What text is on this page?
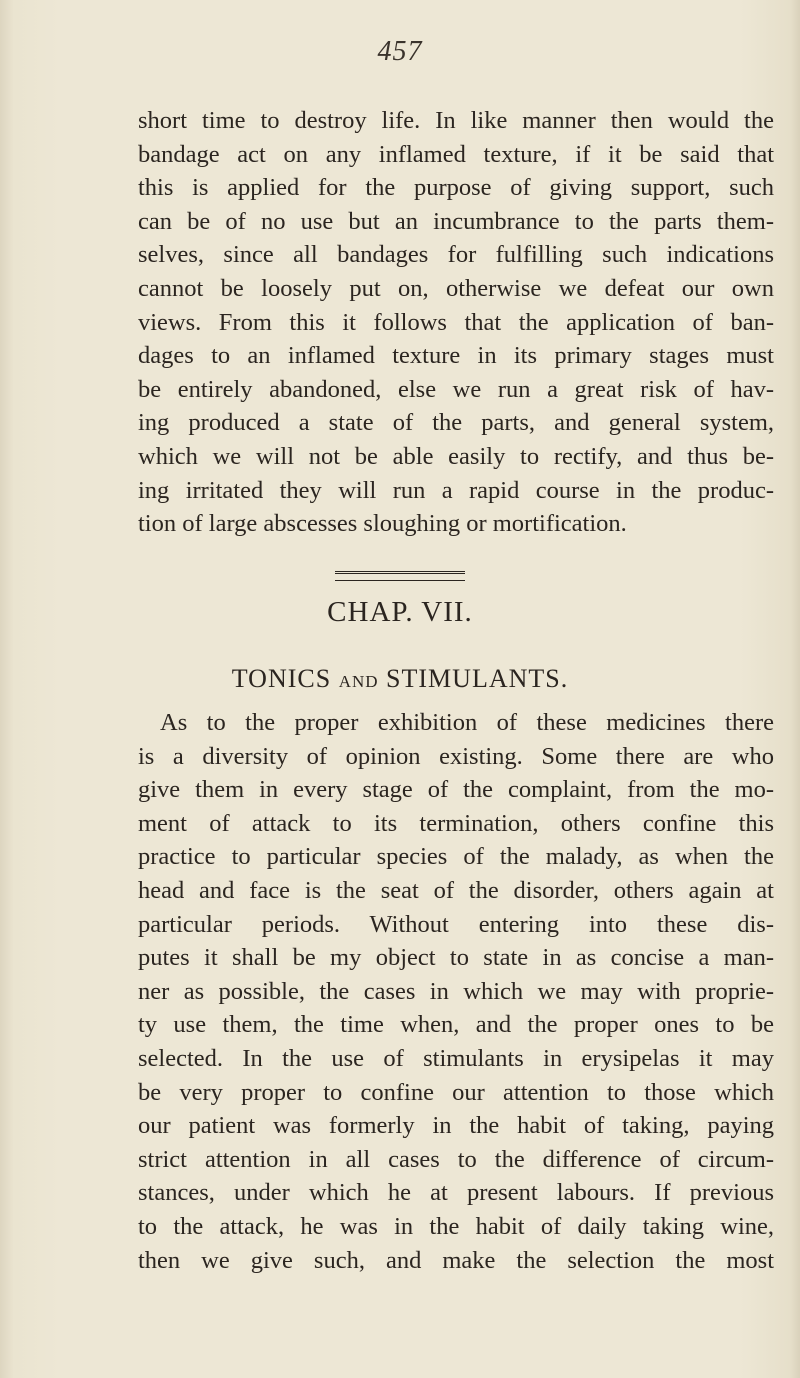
457
short time to destroy life. In like manner then would the
bandage act on any inflamed texture, if it be said that
this is applied for the purpose of giving support, such
can be of no use but an incumbrance to the parts them-
selves, since all bandages for fulfilling such indications
cannot be loosely put on, otherwise we defeat our own
views. From this it follows that the application of ban-
dages to an inflamed texture in its primary stages must
be entirely abandoned, else we run a great risk of hav-
ing produced a state of the parts, and general system,
which we will not be able easily to rectify, and thus be-
ing irritated they will run a rapid course in the produc-
tion of large abscesses sloughing or mortification.
CHAP. VII.
TONICS AND STIMULANTS.
As to the proper exhibition of these medicines there
is a diversity of opinion existing. Some there are who
give them in every stage of the complaint, from the mo-
ment of attack to its termination, others confine this
practice to particular species of the malady, as when the
head and face is the seat of the disorder, others again at
particular periods. Without entering into these dis-
putes it shall be my object to state in as concise a man-
ner as possible, the cases in which we may with proprie-
ty use them, the time when, and the proper ones to be
selected. In the use of stimulants in erysipelas it may
be very proper to confine our attention to those which
our patient was formerly in the habit of taking, paying
strict attention in all cases to the difference of circum-
stances, under which he at present labours. If previous
to the attack, he was in the habit of daily taking wine,
then we give such, and make the selection the most
